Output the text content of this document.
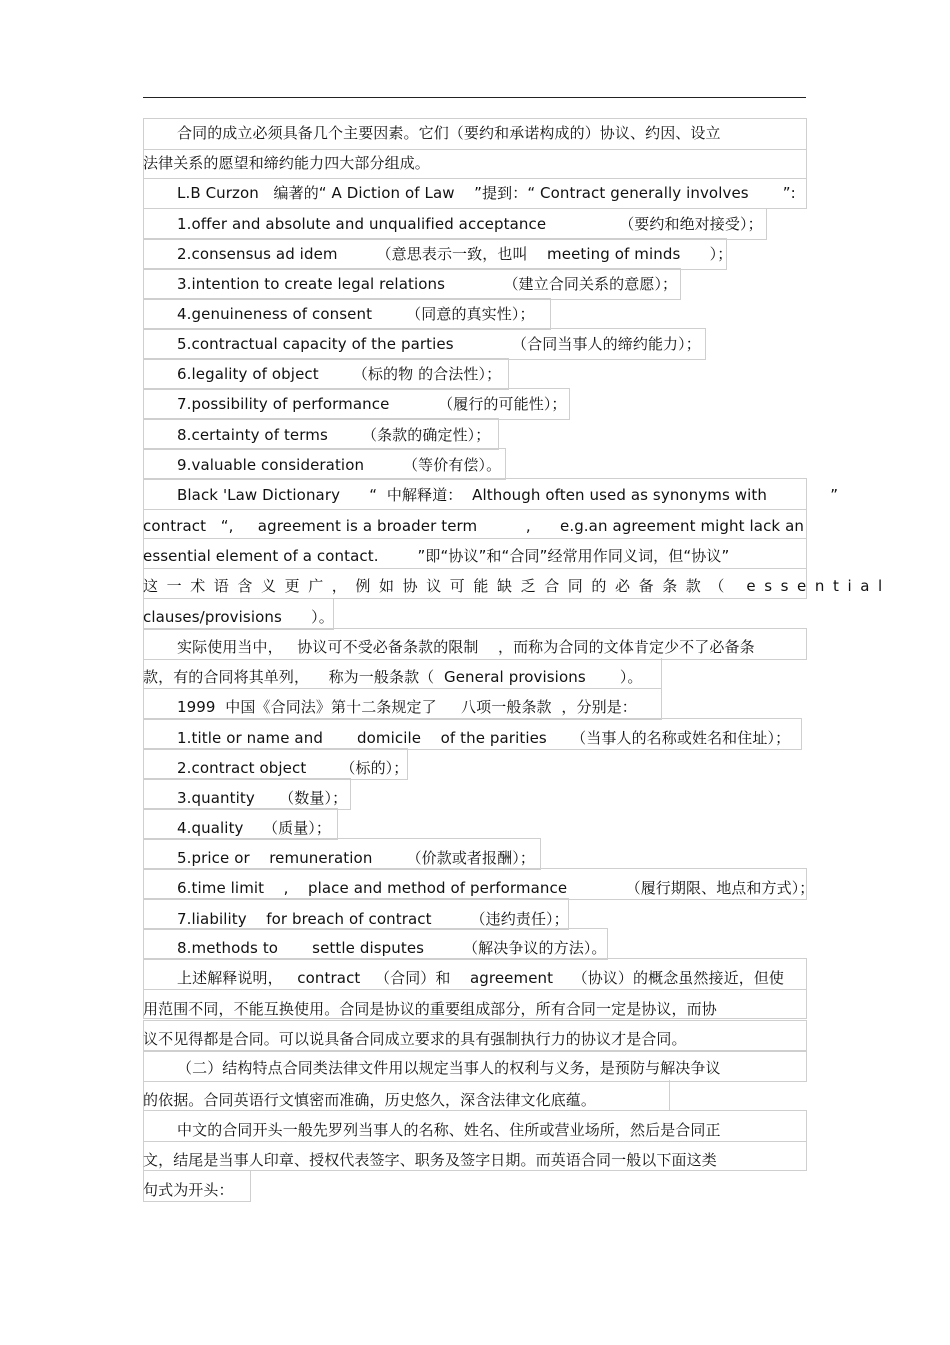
合同的成立必须具备几个主要因素。它们（要约和承诺构成的）协议、约因、设立
法律关系的愿望和缔约能力四大部分组成。
L.B Curzon   编著的“ A Diction of Law    ”提到：“ Contract generally involves       ”:
1.offer and absolute and unqualified acceptance               （要约和绝对接受）；
2.consensus ad idem        （意思表示一致，也叫    meeting of minds      ）；
3.intention to create legal relations            （建立合同关系的意愿）；
4.genuineness of consent       （同意的真实性）；
5.contractual capacity of the parties            （合同当事人的缔约能力）；
6.legality of object       （标的物 的合法性）；
7.possibility of performance          （履行的可能性）；
8.certainty of terms       （条款的确定性）；
9.valuable consideration        （等价有偿）。
Black 'Law Dictionary      “  中解释道：  Although often used as synonyms with             ”
contract   “,     agreement is a broader term          ,      e.g.an agreement might lack an
essential element of a contact.        ”即“协议”和“合同”经常用作同义词，但“协议”
这一术语含义更广，例如协议可能缺乏合同的必备条款（ essential
clauses/provisions      ）。
实际使用当中，   协议可不受必备条款的限制    ，而称为合同的文体肯定少不了必备条
款，有的合同将其单列，    称为一般条款（  General provisions       ）。
1999  中国《合同法》第十二条规定了     八项一般条款  ，分别是：
1.title or name and       domicile    of the parities     （当事人的名称或姓名和住址）；
2.contract object       （标的）；
3.quantity     （数量）；
4.quality    （质量）；
5.price or    remuneration       （价款或者报酬）；
6.time limit    ,    place and method of performance            （履行期限、地点和方式）；
7.liability    for breach of contract        （违约责任）；
8.methods to       settle disputes        （解决争议的方法）。
上述解释说明，   contract   （合同）和    agreement    （协议）的概念虽然接近，但使
用范围不同，不能互换使用。合同是协议的重要组成部分，所有合同一定是协议，而协
议不见得都是合同。可以说具备合同成立要求的具有强制执行力的协议才是合同。
（二）结构特点合同类法律文件用以规定当事人的权利与义务，是预防与解决争议
的依据。合同英语行文慎密而准确，历史悠久，深含法律文化底蕴。
中文的合同开头一般先罗列当事人的名称、姓名、住所或营业场所，然后是合同正
文，结尾是当事人印章、授权代表签字、职务及签字日期。而英语合同一般以下面这类
句式为开头：
